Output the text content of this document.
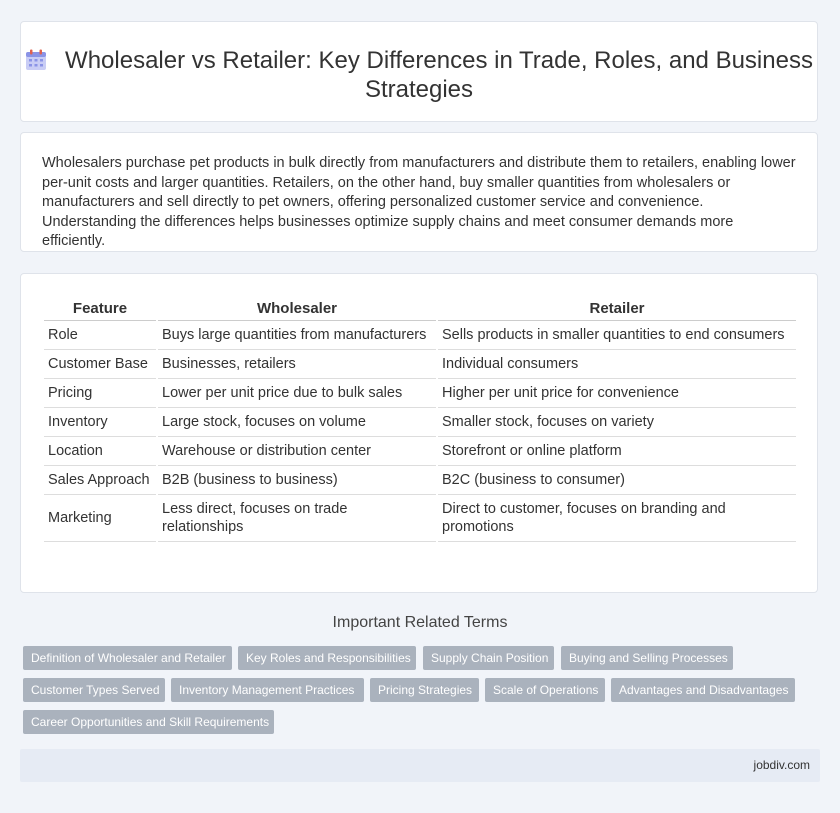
Wholesaler vs Retailer: Key Differences in Trade, Roles, and Business Strategies

Wholesalers purchase pet products in bulk directly from manufacturers and distribute them to retailers, enabling lower per-unit costs and larger quantities. Retailers, on the other hand, buy smaller quantities from wholesalers or manufacturers and sell directly to pet owners, offering personalized customer service and convenience. Understanding the differences helps businesses optimize supply chains and meet consumer demands more efficiently.

Feature	Wholesaler	Retailer
Role	Buys large quantities from manufacturers	Sells products in smaller quantities to end consumers
Customer Base	Businesses, retailers	Individual consumers
Pricing	Lower per unit price due to bulk sales	Higher per unit price for convenience
Inventory	Large stock, focuses on volume	Smaller stock, focuses on variety
Location	Warehouse or distribution center	Storefront or online platform
Sales Approach	B2B (business to business)	B2C (business to consumer)
Marketing	Less direct, focuses on trade relationships	Direct to customer, focuses on branding and promotions
Important Related Terms
Definition of Wholesaler and Retailer	Key Roles and Responsibilities	Supply Chain Position	Buying and Selling Processes
Customer Types Served	Inventory Management Practices	Pricing Strategies	Scale of Operations	Advantages and Disadvantages
Career Opportunities and Skill Requirements
jobdiv.com
